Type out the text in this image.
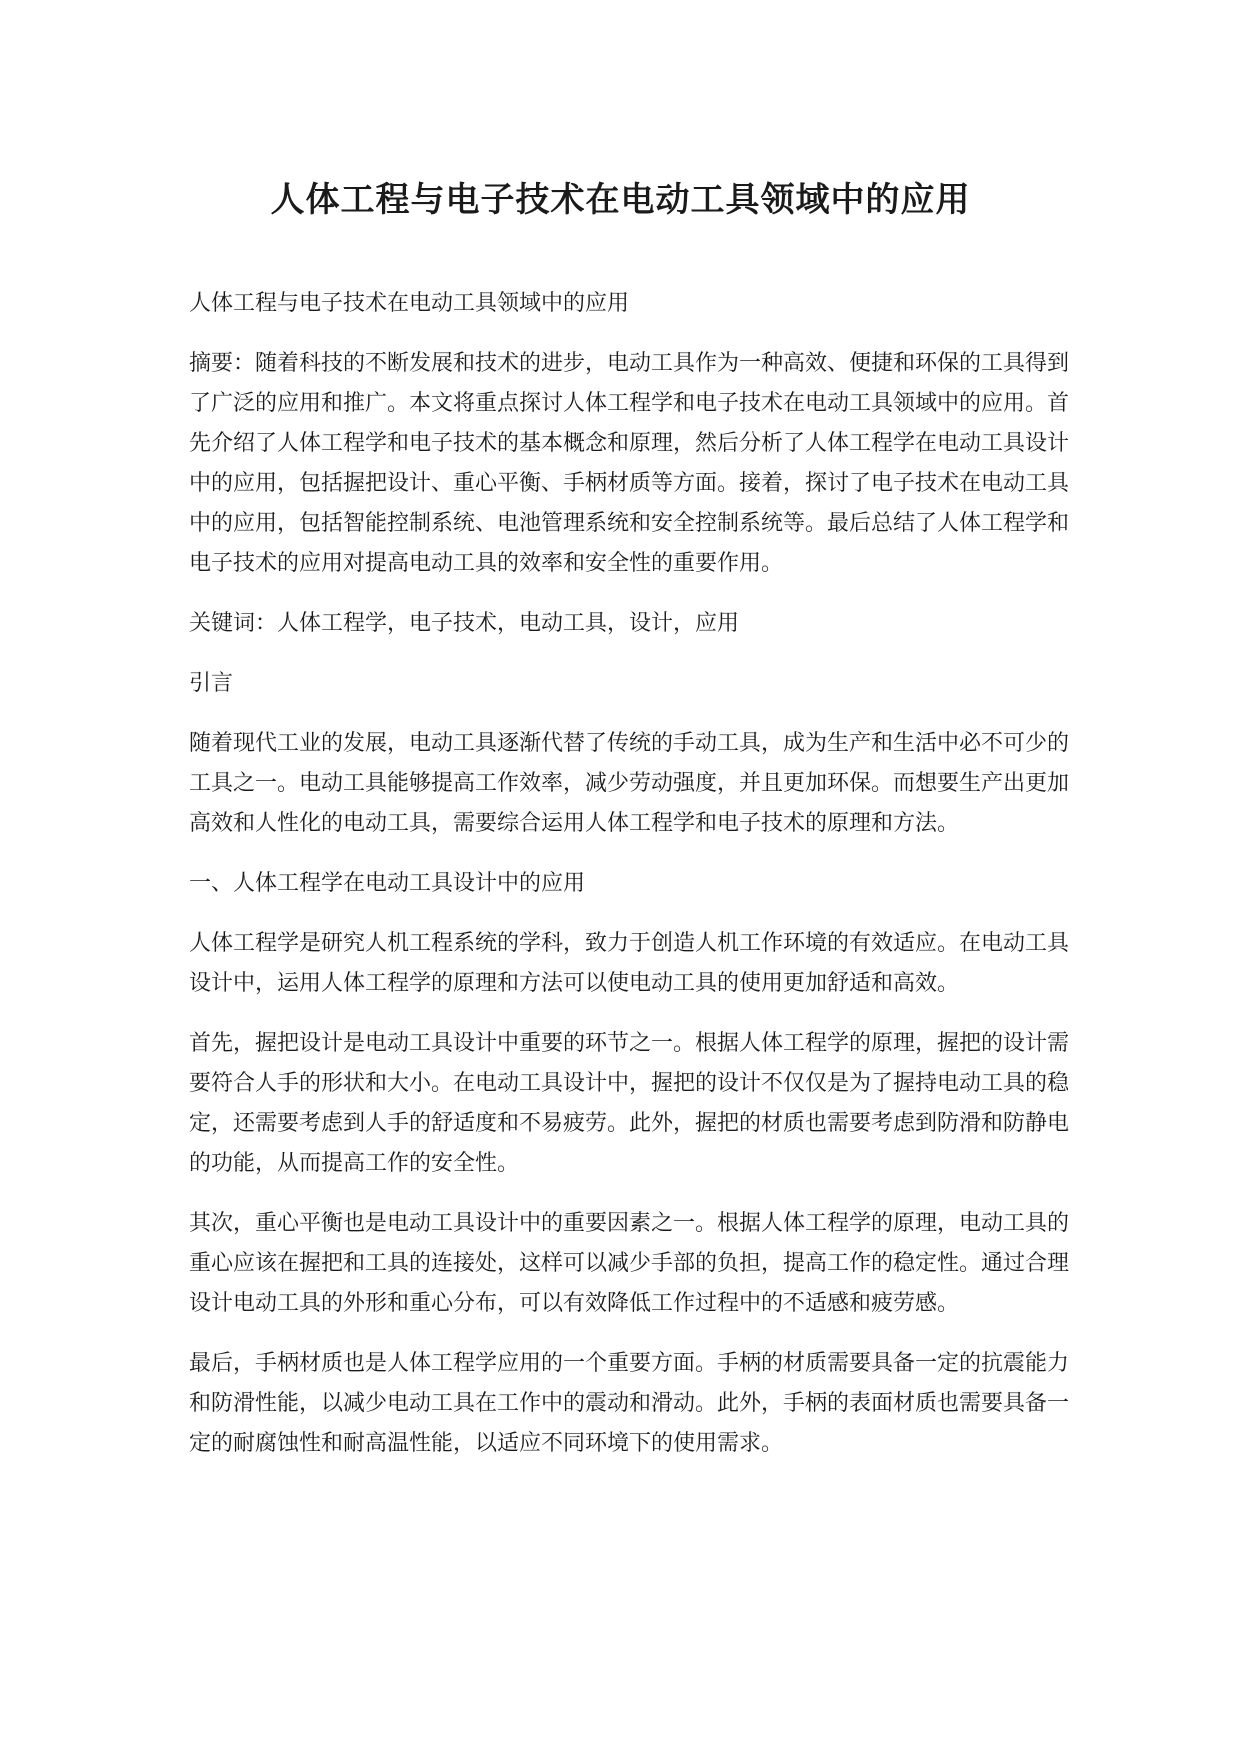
人体工程与电子技术在电动工具领域中的应用

人体工程与电子技术在电动工具领域中的应用

摘要：随着科技的不断发展和技术的进步，电动工具作为一种高效、便捷和环保的工具得到了广泛的应用和推广。本文将重点探讨人体工程学和电子技术在电动工具领域中的应用。首先介绍了人体工程学和电子技术的基本概念和原理，然后分析了人体工程学在电动工具设计中的应用，包括握把设计、重心平衡、手柄材质等方面。接着，探讨了电子技术在电动工具中的应用，包括智能控制系统、电池管理系统和安全控制系统等。最后总结了人体工程学和电子技术的应用对提高电动工具的效率和安全性的重要作用。

关键词：人体工程学，电子技术，电动工具，设计，应用

引言

随着现代工业的发展，电动工具逐渐代替了传统的手动工具，成为生产和生活中必不可少的工具之一。电动工具能够提高工作效率，减少劳动强度，并且更加环保。而想要生产出更加高效和人性化的电动工具，需要综合运用人体工程学和电子技术的原理和方法。

一、人体工程学在电动工具设计中的应用

人体工程学是研究人机工程系统的学科，致力于创造人机工作环境的有效适应。在电动工具设计中，运用人体工程学的原理和方法可以使电动工具的使用更加舒适和高效。

首先，握把设计是电动工具设计中重要的环节之一。根据人体工程学的原理，握把的设计需要符合人手的形状和大小。在电动工具设计中，握把的设计不仅仅是为了握持电动工具的稳定，还需要考虑到人手的舒适度和不易疲劳。此外，握把的材质也需要考虑到防滑和防静电的功能，从而提高工作的安全性。

其次，重心平衡也是电动工具设计中的重要因素之一。根据人体工程学的原理，电动工具的重心应该在握把和工具的连接处，这样可以减少手部的负担，提高工作的稳定性。通过合理设计电动工具的外形和重心分布，可以有效降低工作过程中的不适感和疲劳感。

最后，手柄材质也是人体工程学应用的一个重要方面。手柄的材质需要具备一定的抗震能力和防滑性能，以减少电动工具在工作中的震动和滑动。此外，手柄的表面材质也需要具备一定的耐腐蚀性和耐高温性能，以适应不同环境下的使用需求。
